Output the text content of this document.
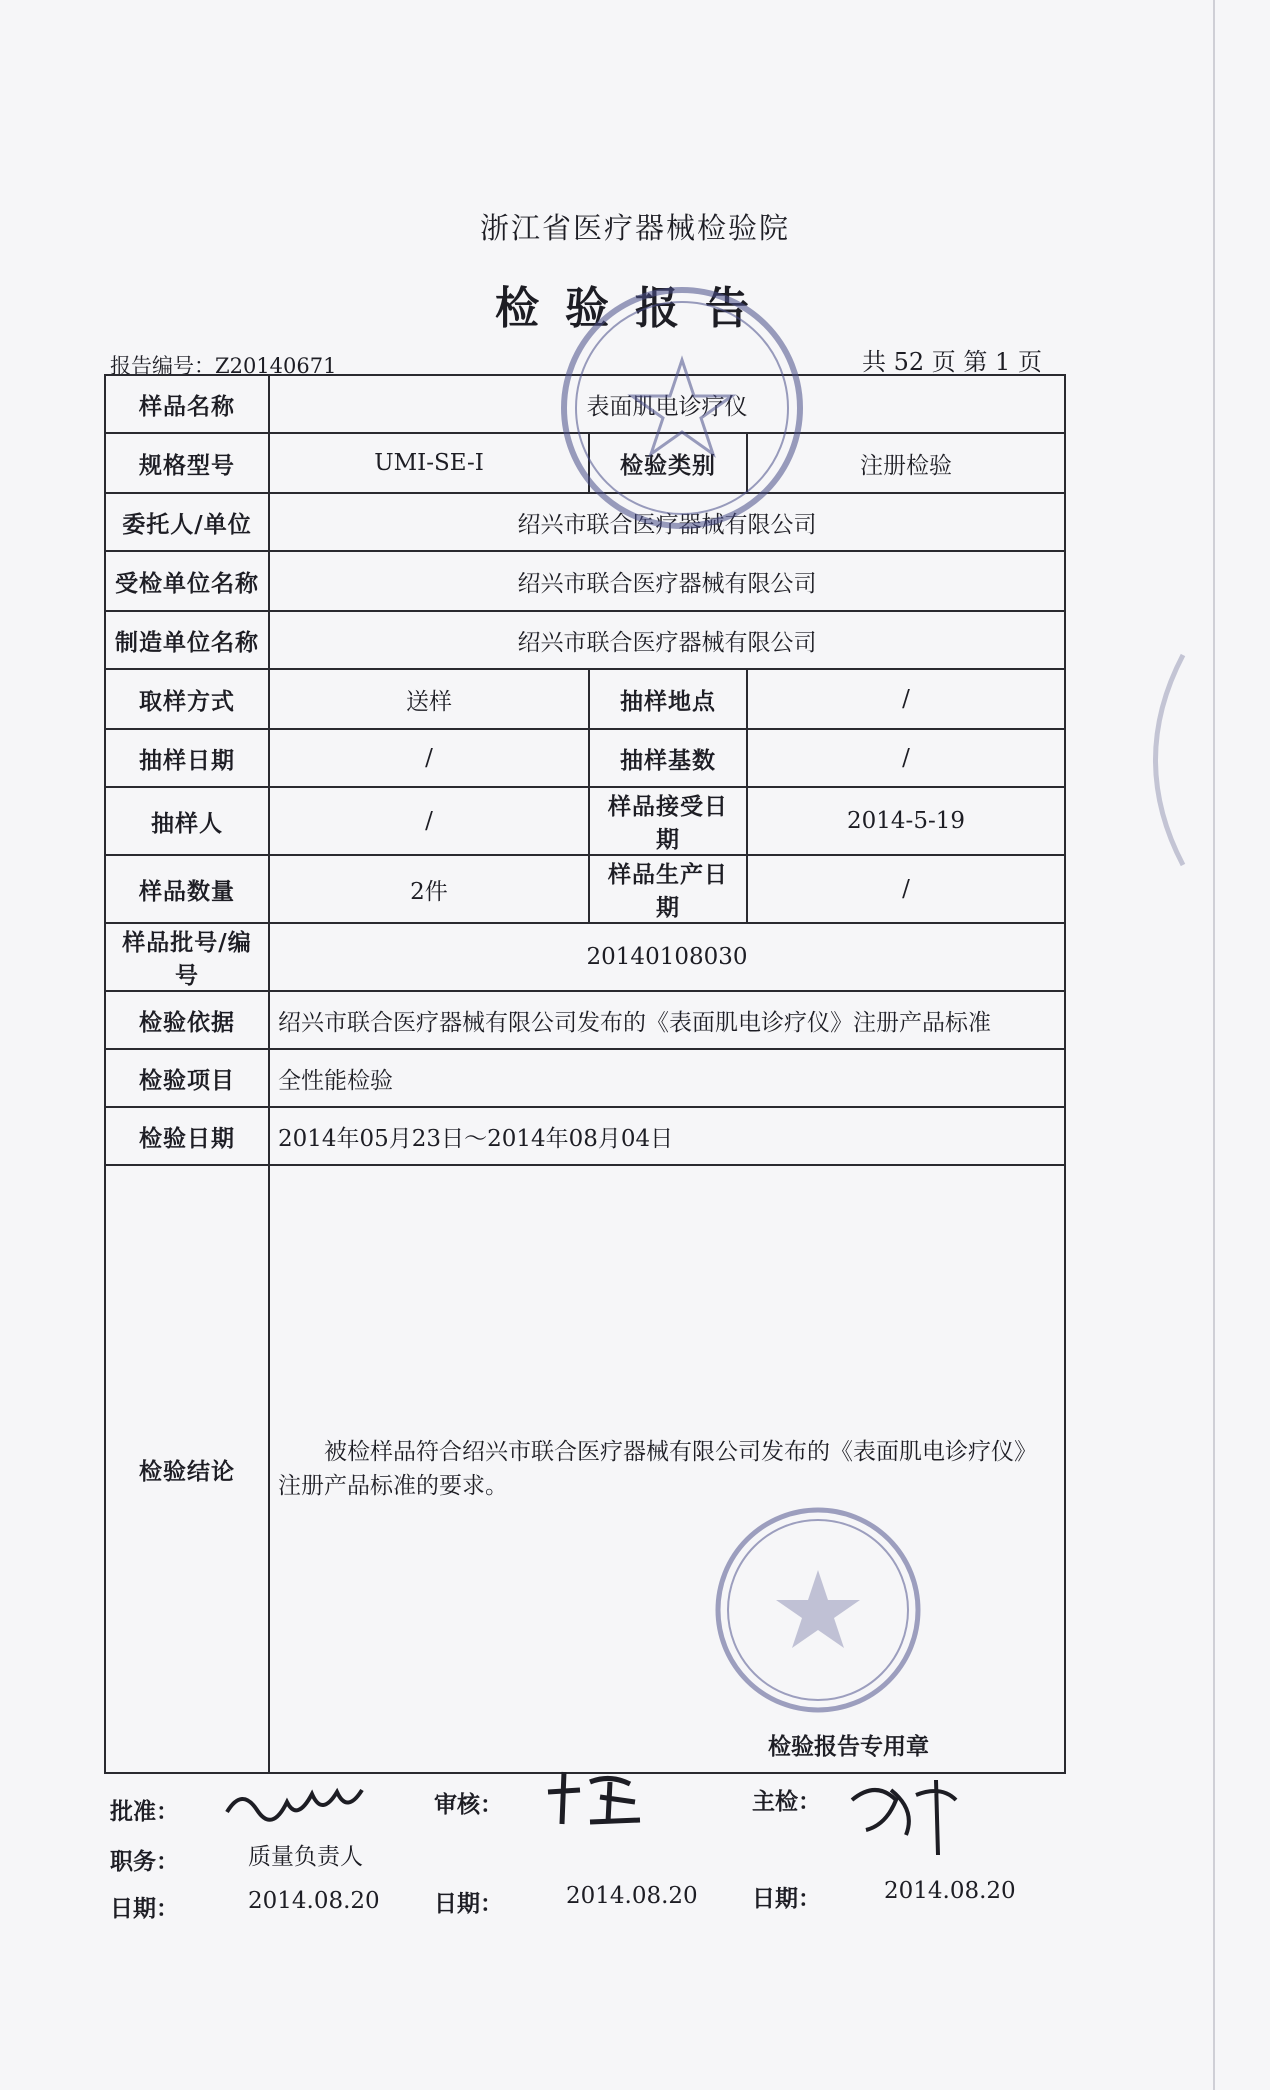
浙江省医疗器械检验院
检验报告
报告编号：Z20140671	共 52 页 第 1 页
样品名称	表面肌电诊疗仪		
规格型号	UMI-SE-Ⅰ	检验类别	注册检验
委托人/单位	绍兴市联合医疗器械有限公司		
受检单位名称	绍兴市联合医疗器械有限公司		
制造单位名称	绍兴市联合医疗器械有限公司		
取样方式	送样	抽样地点	/
抽样日期	/	抽样基数	/
抽样人	/	样品接受日期	2014-5-19
样品数量	2件	样品生产日期	/
样品批号/编号	20140108030		
检验依据	绍兴市联合医疗器械有限公司发布的《表面肌电诊疗仪》注册产品标准		
检验项目	全性能检验		
检验日期	2014年05月23日～2014年08月04日		
检验结论	被检样品符合绍兴市联合医疗器械有限公司发布的《表面肌电诊疗仪》注册产品标准的要求。		
检验报告专用章
批准：
职务：	质量负责人
日期：	2014.08.20
审核：
日期：	2014.08.20
主检：
日期：	2014.08.20
